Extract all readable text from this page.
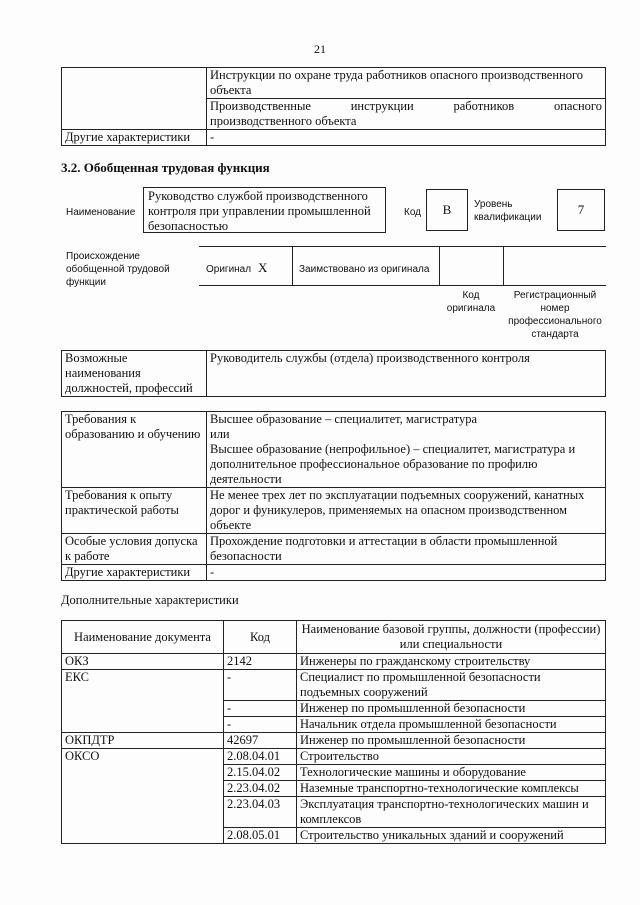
21
	Инструкции по охране труда работников опасного производственного объекта

	Производственные инструкции работников опасного
производственного объекта

Другие характеристики	-
3.2. Обобщенная трудовая функция
Наименование
Руководство службой производственного контроля при управлении промышленной безопасностью
Код	B	Уровень квалификации
7
Происхождение обобщенной трудовой функции
Оригинал X	Заимствовано из оригинала
Код оригинала
Регистрационный номер профессионального стандарта
Возможные наименования должностей, профессий	Руководитель службы (отдела) производственного контроля
Требования к образованию и обучению	Высшее образование – специалитет, магистратура
или
Высшее образование (непрофильное) – специалитет, магистратура и дополнительное профессиональное образование по профилю деятельности

Требования к опыту практической работы	Не менее трех лет по эксплуатации подъемных сооружений, канатных дорог и фуникулеров, применяемых на опасном производственном объекте

Особые условия допуска к работе	Прохождение подготовки и аттестации в области промышленной безопасности

Другие характеристики	-
Дополнительные характеристики
Наименование документа	Код	Наименование базовой группы, должности (профессии) или специальности
ОКЗ	2142	Инженеры по гражданскому строительству
ЕКС	-	Специалист по промышленной безопасности подъемных сооружений
	-	Инженер по промышленной безопасности
	-	Начальник отдела промышленной безопасности
ОКПДТР	42697	Инженер по промышленной безопасности
ОКСО	2.08.04.01	Строительство
	2.15.04.02	Технологические машины и оборудование
	2.23.04.02	Наземные транспортно-технологические комплексы
	2.23.04.03	Эксплуатация транспортно-технологических машин и комплексов
	2.08.05.01	Строительство уникальных зданий и сооружений
